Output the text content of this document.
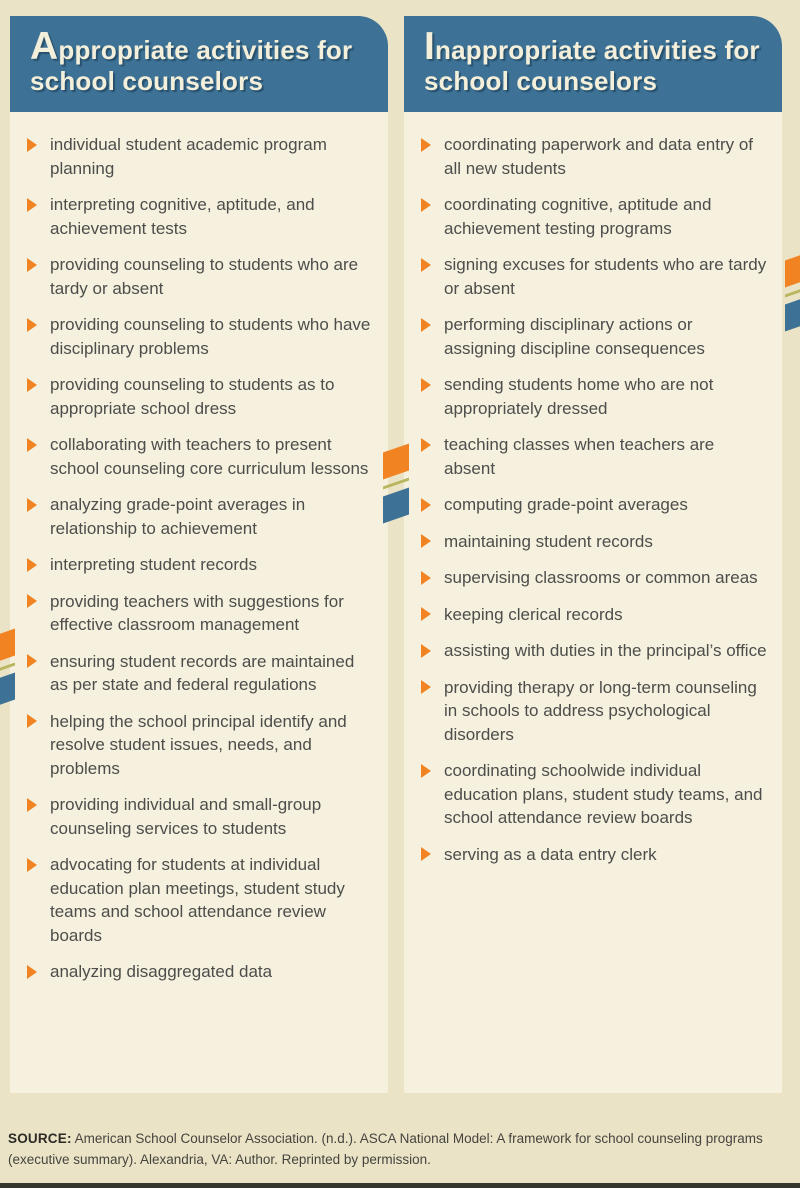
Appropriate activities for
school counselors
individual student academic program planning
interpreting cognitive, aptitude, and achievement tests
providing counseling to students who are tardy or absent
providing counseling to students who have disciplinary problems
providing counseling to students as to appropriate school dress
collaborating with teachers to present school counseling core curriculum lessons
analyzing grade-point averages in relationship to achievement
interpreting student records
providing teachers with suggestions for effective classroom management
ensuring student records are maintained as per state and federal regulations
helping the school principal identify and resolve student issues, needs, and problems
providing individual and small-group counseling services to students
advocating for students at individual education plan meetings, student study teams and school attendance review boards
analyzing disaggregated data
Inappropriate activities for
school counselors
coordinating paperwork and data entry of all new students
coordinating cognitive, aptitude and achievement testing programs
signing excuses for students who are tardy or absent
performing disciplinary actions or assigning discipline consequences
sending students home who are not appropriately dressed
teaching classes when teachers are absent
computing grade-point averages
maintaining student records
supervising classrooms or common areas
keeping clerical records
assisting with duties in the principal’s office
providing therapy or long-term counseling in schools to address psychological disorders
coordinating schoolwide individual education plans, student study teams, and school attendance review boards
serving as a data entry clerk
SOURCE: American School Counselor Association. (n.d.). ASCA National Model: A framework for school counseling programs (executive summary). Alexandria, VA: Author. Reprinted by permission.
